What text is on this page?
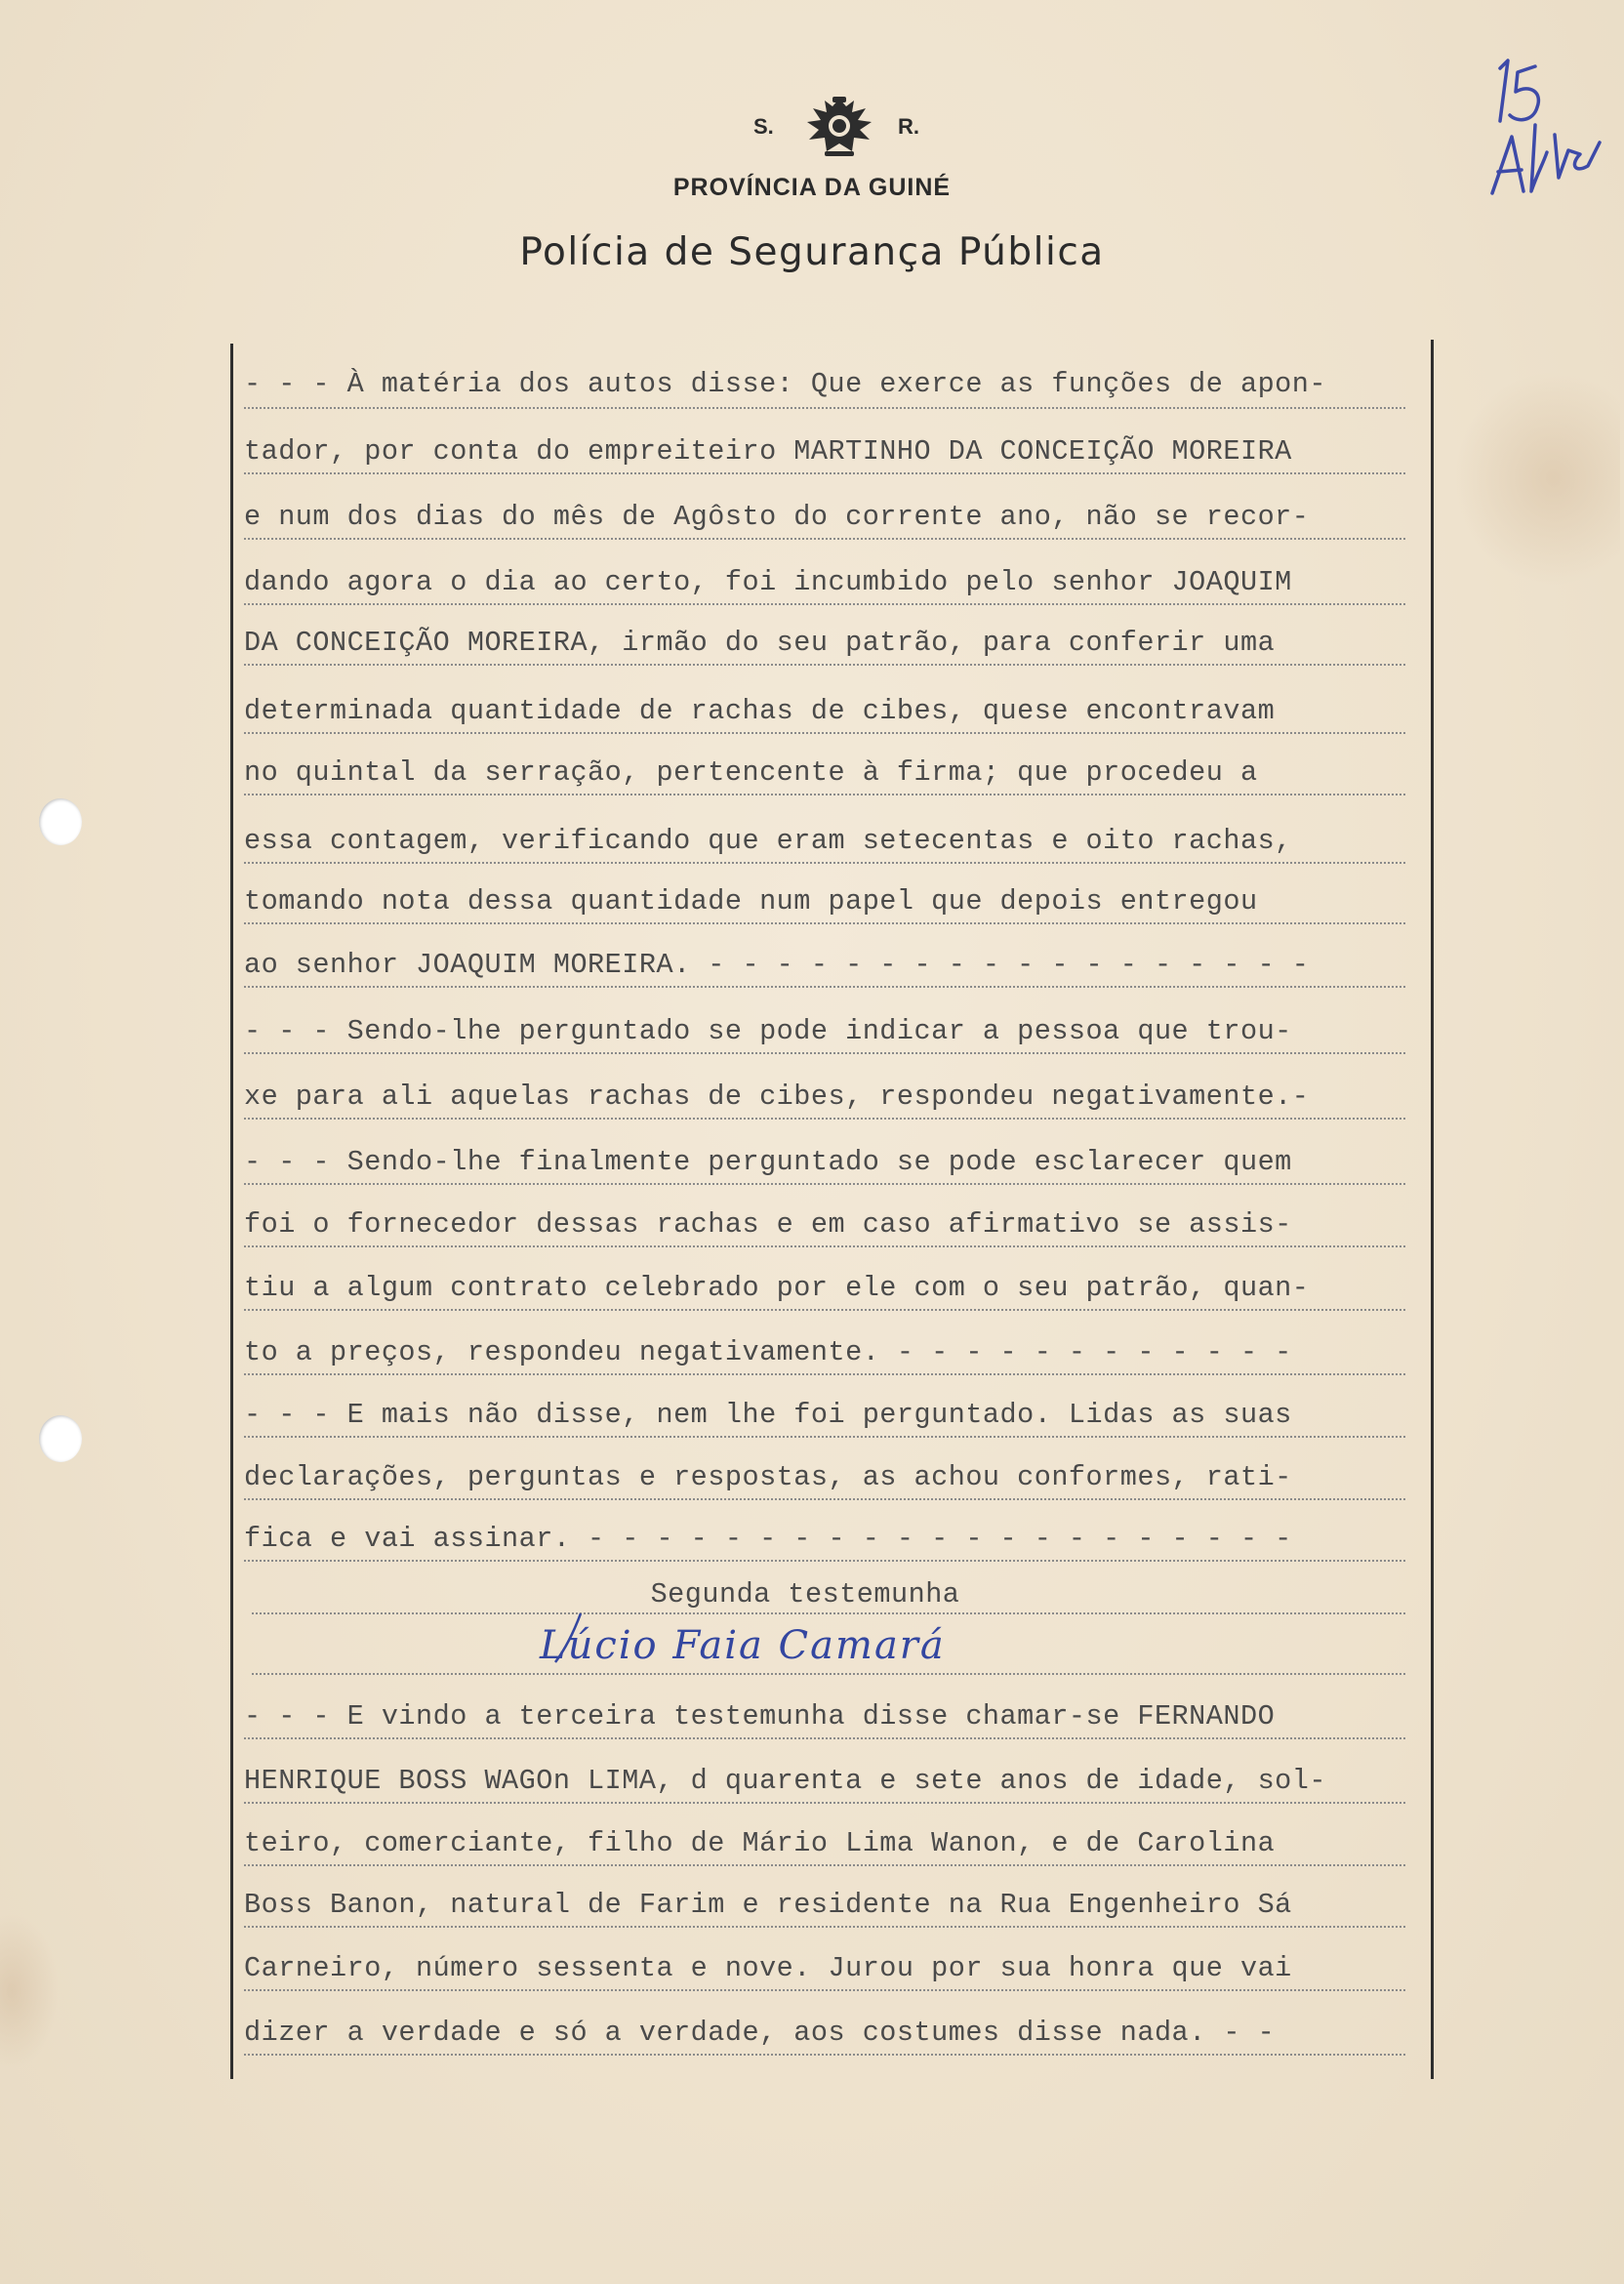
S.	R.
PROVÍNCIA DA GUINÉ
Polícia de Segurança Pública
- - - À matéria dos autos disse: Que exerce as funções de apon-
tador, por conta do empreiteiro MARTINHO DA CONCEIÇÃO MOREIRA
e num dos dias do mês de Agôsto do corrente ano, não se recor-
dando agora o dia ao certo, foi incumbido pelo senhor JOAQUIM
DA CONCEIÇÃO MOREIRA, irmão do seu patrão, para conferir uma
determinada quantidade de rachas de cibes, quese encontravam
no quintal da serração, pertencente à firma; que procedeu a
essa contagem, verificando que eram setecentas e oito rachas,
tomando nota dessa quantidade num papel que depois entregou
ao senhor JOAQUIM MOREIRA. - - - - - - - - - - - - - - - - - -
- - - Sendo-lhe perguntado se pode indicar a pessoa que trou-
xe para ali aquelas rachas de cibes, respondeu negativamente.-
- - - Sendo-lhe finalmente perguntado se pode esclarecer quem
foi o fornecedor dessas rachas e em caso afirmativo se assis-
tiu a algum contrato celebrado por ele com o seu patrão, quan-
to a preços, respondeu negativamente. - - - - - - - - - - - -
- - - E mais não disse, nem lhe foi perguntado. Lidas as suas
declarações, perguntas e respostas, as achou conformes, rati-
fica e vai assinar. - - - - - - - - - - - - - - - - - - - - -
Segunda testemunha
Lúcio Faia Camará
- - - E vindo a terceira testemunha disse chamar-se FERNANDO
HENRIQUE BOSS WAGOn LIMA, d quarenta e sete anos de idade, sol-
teiro, comerciante, filho de Mário Lima Wanon, e de Carolina
Boss Banon, natural de Farim e residente na Rua Engenheiro Sá
Carneiro, número sessenta e nove. Jurou por sua honra que vai
dizer a verdade e só a verdade, aos costumes disse nada. - -
